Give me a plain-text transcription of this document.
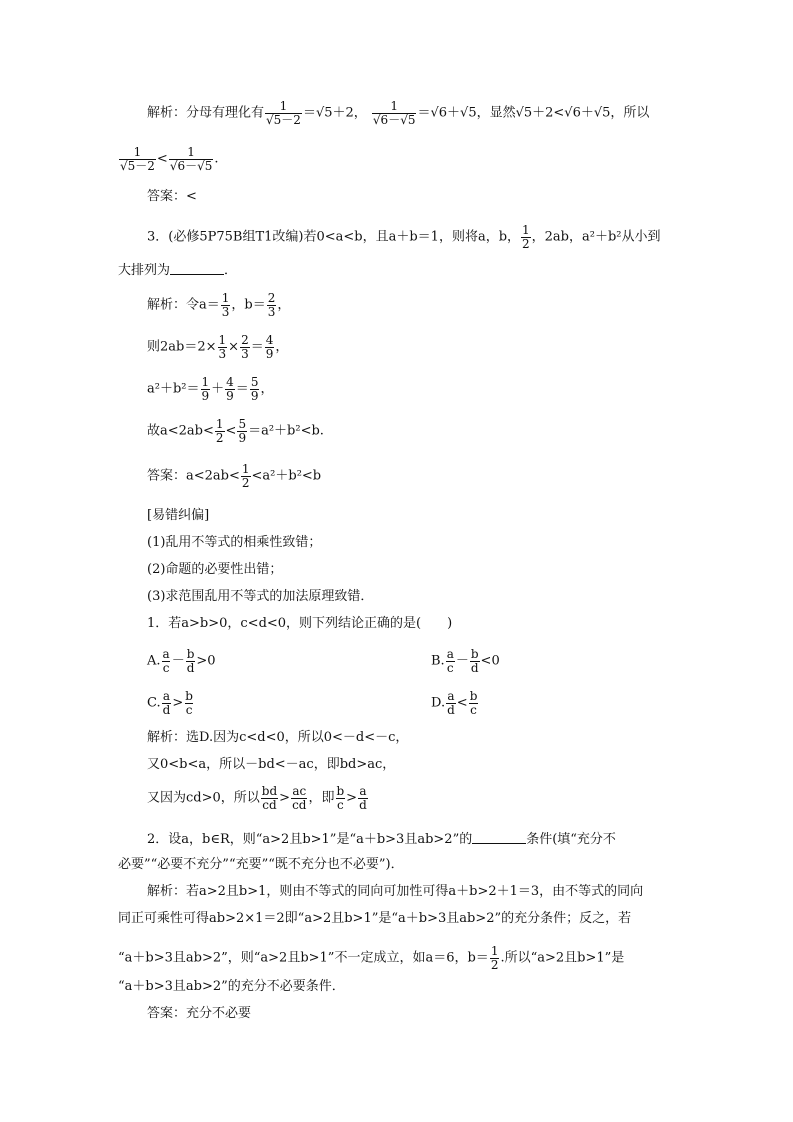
解析：分母有理化有 $\frac{1}{√5-2} =√5+2$， $\frac{1}{√6-√5} =√6+√5$，显然√5＋2<√6＋√5，所以
$\frac{1}{√5-2} < \frac{1}{√6-√5}$ .
答案：<
3．(必修5P75B组T1改编)若0<a<b，且a＋b＝1，则将a，b， $\frac{1}{2}$ ，2ab，a²＋b²从小到
大排列为	．
解析：令$a= \frac{1}{3}$ ，$b= \frac{2}{3}$ ，
则$2ab=2\times \frac{1}{3} \times \frac{2}{3} = \frac{4}{9}$ ，
$a^2+b^2= \frac{1}{9} + \frac{4}{9} = \frac{5}{9}$ ，
故$a<2ab< \frac{1}{2} < \frac{5}{9} =a^2+b^2<b$.
答案：$a<2ab< \frac{1}{2} <a^2+b^2<b$
[易错纠偏]
(1)乱用不等式的相乘性致错；
(2)命题的必要性出错；
(3)求范围乱用不等式的加法原理致错．
1．若a>b>0，c<d<0，则下列结论正确的是(　　)
A. $\frac{a}{c} - \frac{b}{d} >0$	B. $\frac{a}{c} - \frac{b}{d} <0$
C. $\frac{a}{d} > \frac{b}{c}$	D. $\frac{a}{d} < \frac{b}{c}$
解析：选D.因为c<d<0，所以0<－d<－c，
又0<b<a，所以－bd<－ac，即bd>ac，
又因为cd>0，所以 $\frac{bd}{cd} > \frac{ac}{cd}$ ，即 $\frac{b}{c} > \frac{a}{d}$
2．设a，b∈R，则“a>2且b>1”是“a＋b>3且ab>2”的	条件(填“充分不
必要”“必要不充分”“充要”“既不充分也不必要”)．
解析：若a>2且b>1，则由不等式的同向可加性可得a＋b>2＋1＝3，由不等式的同向
同正可乘性可得ab>2×1＝2即“a>2且b>1”是“a＋b>3且ab>2”的充分条件；反之，若
“a＋b>3且ab>2”，则“a>2且b>1”不一定成立，如a＝6，$b= \frac{1}{2}$ .所以“a>2且b>1”是
“a＋b>3且ab>2”的充分不必要条件．
答案：充分不必要
